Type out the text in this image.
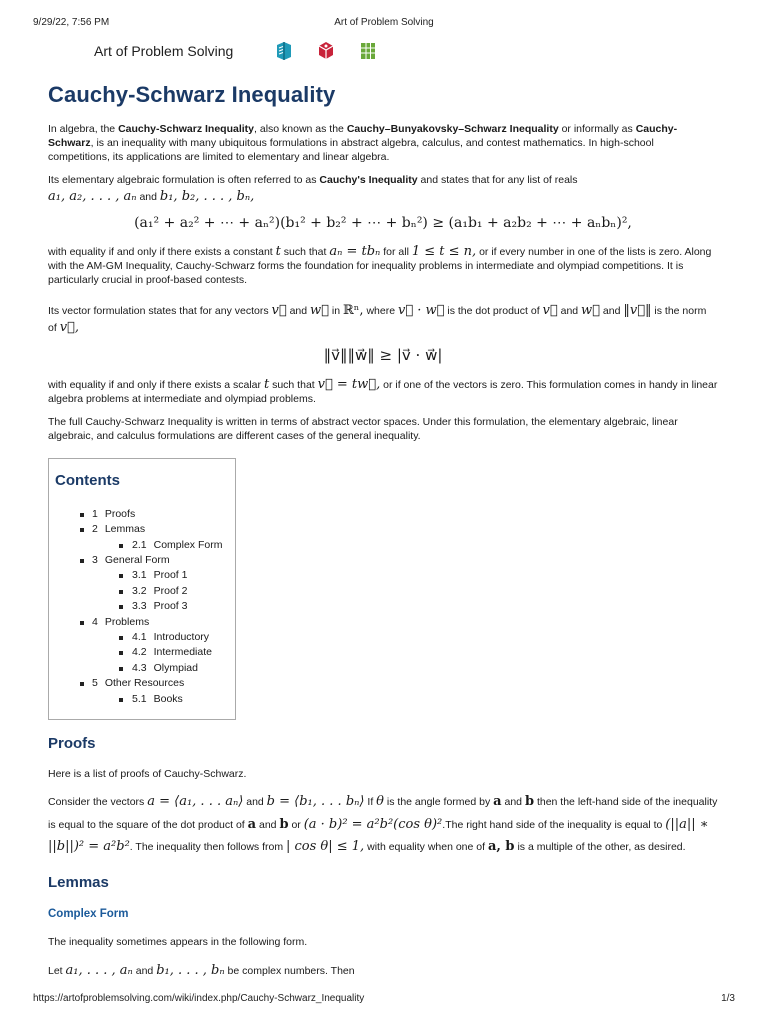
9/29/22, 7:56 PM	Art of Problem Solving
Art of Problem Solving
Cauchy-Schwarz Inequality

In algebra, the Cauchy-Schwarz Inequality, also known as the Cauchy–Bunyakovsky–Schwarz Inequality or informally as Cauchy-Schwarz, is an inequality with many ubiquitous formulations in abstract algebra, calculus, and contest mathematics. In high-school competitions, its applications are limited to elementary and linear algebra.

Its elementary algebraic formulation is often referred to as Cauchy's Inequality and states that for any list of reals
a₁, a₂, . . . , aₙ and b₁, b₂, . . . , bₙ,

(a₁² + a₂² + ⋯ + aₙ²)(b₁² + b₂² + ⋯ + bₙ²) ≥ (a₁b₁ + a₂b₂ + ⋯ + aₙbₙ)²,

with equality if and only if there exists a constant t such that aₙ = tbₙ for all 1 ≤ t ≤ n, or if every number in one of the lists is zero. Along with the AM-GM Inequality, Cauchy-Schwarz forms the foundation for inequality problems in intermediate and olympiad competitions. It is particularly crucial in proof-based contests.

Its vector formulation states that for any vectors v⃗ and w⃗ in ℝⁿ, where v⃗ · w⃗ is the dot product of v⃗ and w⃗ and ‖v⃗‖ is the norm of v⃗,

‖v⃗‖‖w⃗‖ ≥ |v⃗ · w⃗|

with equality if and only if there exists a scalar t such that v⃗ = tw⃗, or if one of the vectors is zero. This formulation comes in handy in linear algebra problems at intermediate and olympiad problems.

The full Cauchy-Schwarz Inequality is written in terms of abstract vector spaces. Under this formulation, the elementary algebraic, linear algebraic, and calculus formulations are different cases of the general inequality.

Contents
1 Proofs
2 Lemmas
2.1 Complex Form
3 General Form
3.1 Proof 1
3.2 Proof 2
3.3 Proof 3
4 Problems
4.1 Introductory
4.2 Intermediate
4.3 Olympiad
5 Other Resources
5.1 Books
Proofs

Here is a list of proofs of Cauchy-Schwarz.

Consider the vectors a = ⟨a₁, . . . aₙ⟩ and b = ⟨b₁, . . . bₙ⟩ If θ is the angle formed by a and b then the left-hand side of the inequality is equal to the square of the dot product of a and b or (a · b)² = a²b²(cos θ)².The right hand side of the inequality is equal to (||a|| ∗ ||b||)² = a²b². The inequality then follows from | cos θ| ≤ 1, with equality when one of a, b is a multiple of the other, as desired.

Lemmas
Complex Form

The inequality sometimes appears in the following form.

Let a₁, . . . , aₙ and b₁, . . . , bₙ be complex numbers. Then

https://artofproblemsolving.com/wiki/index.php/Cauchy-Schwarz_Inequality	1/3
